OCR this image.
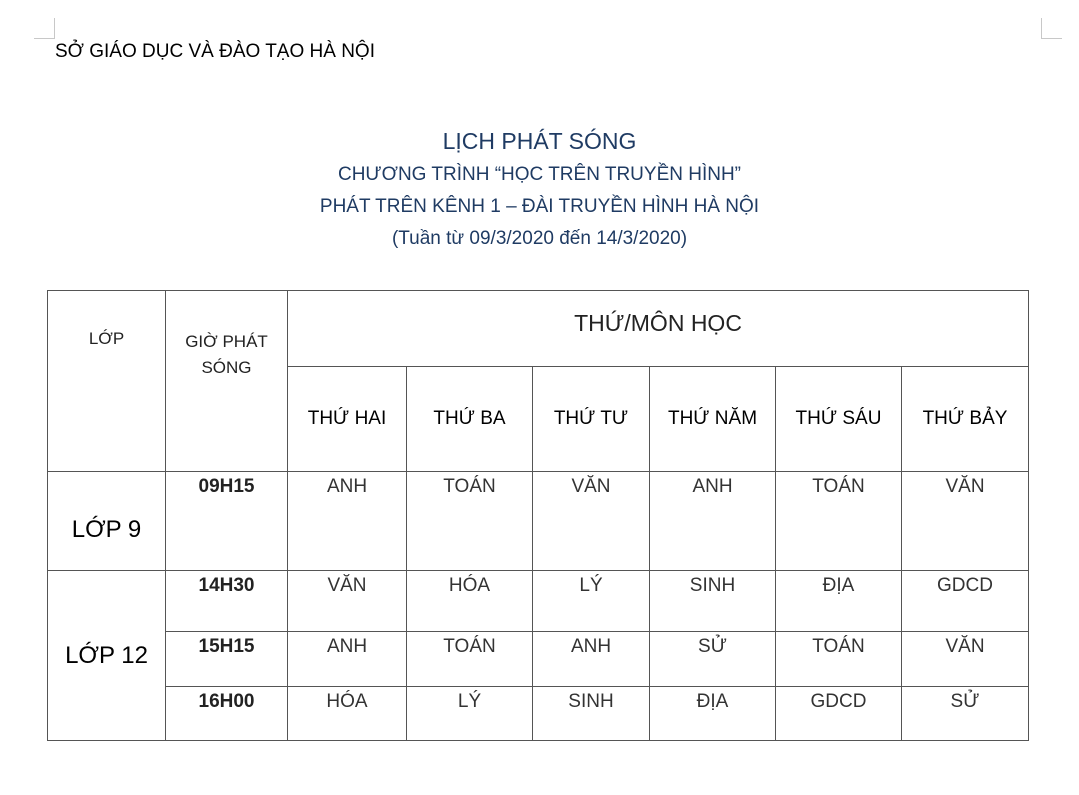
SỞ GIÁO DỤC VÀ ĐÀO TẠO HÀ NỘI
LỊCH PHÁT SÓNG
CHƯƠNG TRÌNH “HỌC TRÊN TRUYỀN HÌNH”
PHÁT TRÊN KÊNH 1 – ĐÀI TRUYỀN HÌNH HÀ NỘI
(Tuần từ 09/3/2020 đến 14/3/2020)
LỚP	GIỜ PHÁT SÓNG	THỨ/MÔN HỌC					
		THỨ HAI	THỨ BA	THỨ TƯ	THỨ NĂM	THỨ SÁU	THỨ BẢY
LỚP 9	09H15	ANH	TOÁN	VĂN	ANH	TOÁN	VĂN
LỚP 12	14H30	VĂN	HÓA	LÝ	SINH	ĐỊA	GDCD
	15H15	ANH	TOÁN	ANH	SỬ	TOÁN	VĂN
	16H00	HÓA	LÝ	SINH	ĐỊA	GDCD	SỬ
